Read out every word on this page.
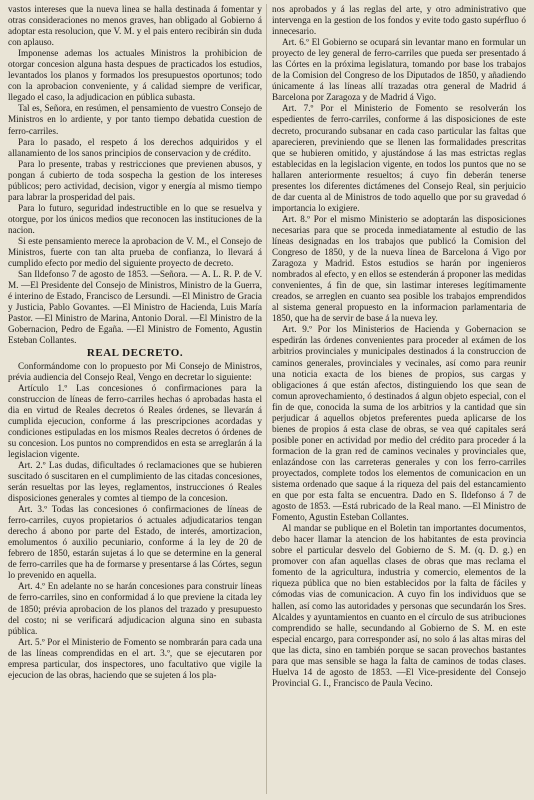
vastos intereses que la nueva linea se halla destinada á fomentar y otras consideraciones no menos graves, han obligado al Gobierno á adoptar esta resolucion, que V. M. y el pais entero recibirán sin duda con aplauso.

Imponense ademas los actuales Ministros la prohibicion de otorgar concesion alguna hasta despues de practicados los estudios, levantados los planos y formados los presupuestos oportunos; todo con la aprobacion conveniente, y á calidad siempre de verificar, llegado el caso, la adjudicacion en pública subasta.

Tal es, Señora, en resúmen, el pensamiento de vuestro Consejo de Ministros en lo ardiente, y por tanto tiempo debatida cuestion de ferro-carriles.

Para lo pasado, el respeto á los derechos adquiridos y el allanamiento de los sanos principios de conservacion y de crédito.

Para lo presente, trabas y restricciones que previenen abusos, y pongan á cubierto de toda sospecha la gestion de los intereses públicos; pero actividad, decision, vigor y energía al mismo tiempo para labrar la prosperidad del pais.

Para lo futuro, seguridad indestructible en lo que se resuelva y otorgue, por los únicos medios que reconocen las instituciones de la nacion.

Si este pensamiento merece la aprobacion de V. M., el Consejo de Ministros, fuerte con tan alta prueba de confianza, lo llevará á cumplido efecto por medio del siguiente proyecto de decreto.

San Ildefonso 7 de agosto de 1853. —Señora. — A. L. R. P. de V. M. —El Presidente del Consejo de Ministros, Ministro de la Guerra, é interino de Estado, Francisco de Lersundi. —El Ministro de Gracia y Justicia, Pablo Govantes. —El Ministro de Hacienda, Luis María Pastor. —El Ministro de Marina, Antonio Doral. —El Ministro de la Gobernacion, Pedro de Egaña. —El Ministro de Fomento, Agustin Esteban Collantes.

REAL DECRETO.

Conformándome con lo propuesto por Mi Consejo de Ministros, prévia audiencia del Consejo Real, Vengo en decretar lo siguiente:

Artículo 1.º Las concesiones ó confirmaciones para la construccion de líneas de ferro-carriles hechas ó aprobadas hasta el dia en virtud de Reales decretos ó Reales órdenes, se llevarán á cumplida ejecucion, conforme á las prescripciones acordadas y condiciones estipuladas en los mismos Reales decretos ó órdenes de su concesion. Los puntos no comprendidos en esta se arreglarán á la legislacion vigente.

Art. 2.º Las dudas, dificultades ó reclamaciones que se hubieren suscitado ó suscitaren en el cumplimiento de las citadas concesiones, serán resueltas por las leyes, reglamentos, instrucciones ó Reales disposiciones generales y comtes al tiempo de la concesion.

Art. 3.º Todas las concesiones ó confirmaciones de líneas de ferro-carriles, cuyos propietarios ó actuales adjudicatarios tengan derecho á abono por parte del Estado, de interés, amortizacion, emolumentos ó auxilio pecuniario, conforme á la ley de 20 de febrero de 1850, estarán sujetas á lo que se determine en la general de ferro-carriles que ha de formarse y presentarse á las Córtes, segun lo prevenido en aquella.

Art. 4.º En adelante no se harán concesiones para construir líneas de ferro-carriles, sino en conformidad á lo que previene la citada ley de 1850; prévia aprobacion de los planos del trazado y presupuesto del costo; ni se verificará adjudicacion alguna sino en subasta pública.

Art. 5.º Por el Ministerio de Fomento se nombrarán para cada una de las líneas comprendidas en el art. 3.º, que se ejecutaren por empresa particular, dos inspectores, uno facultativo que vigile la ejecucion de las obras, haciendo que se sujeten á los pla-

nos aprobados y á las reglas del arte, y otro administrativo que intervenga en la gestion de los fondos y evite todo gasto supérfluo ó innecesario.

Art. 6.º El Gobierno se ocupará sin levantar mano en formular un proyecto de ley general de ferro-carriles que pueda ser presentado á las Córtes en la próxima legislatura, tomando por base los trabajos de la Comision del Congreso de los Diputados de 1850, y añadiendo únicamente á las líneas allí trazadas otra general de Madrid á Barcelona por Zaragoza y de Madrid á Vigo.

Art. 7.º Por el Ministerio de Fomento se resolverán los espedientes de ferro-carriles, conforme á las disposiciones de este decreto, procurando subsanar en cada caso particular las faltas que aparecieren, previniendo que se llenen las formalidades prescritas que se hubieren omitido, y ajustándose á las mas estrictas reglas establecidas en la legislacion vigente, en todos los puntos que no se hallaren anteriormente resueltos; á cuyo fin deberán tenerse presentes los diferentes dictámenes del Consejo Real, sin perjuicio de dar cuenta al de Ministros de todo aquello que por su gravedad ó importancia lo exigiere.

Art. 8.º Por el mismo Ministerio se adoptarán las disposiciones necesarias para que se proceda inmediatamente al estudio de las líneas designadas en los trabajos que publicó la Comision del Congreso de 1850, y de la nueva línea de Barcelona á Vigo por Zaragoza y Madrid. Estos estudios se harán por ingenieros nombrados al efecto, y en ellos se estenderán á proponer las medidas convenientes, á fin de que, sin lastimar intereses legítimamente creados, se arreglen en cuanto sea posible los trabajos emprendidos al sistema general propuesto en la informacion parlamentaria de 1850, que ha de servir de base á la nueva ley.

Art. 9.º Por los Ministerios de Hacienda y Gobernacion se espedirán las órdenes convenientes para proceder al exámen de los arbitrios provinciales y municipales destinados á la construccion de caminos generales, provinciales y vecinales, así como para reunir una noticia exacta de los bienes de propios, sus cargas y obligaciones á que están afectos, distinguiendo los que sean de comun aprovechamiento, ó destinados á algun objeto especial, con el fin de que, conocida la suma de los arbitrios y la cantidad que sin perjudicar á aquellos objetos preferentes pueda aplicarse de los bienes de propios á esta clase de obras, se vea qué capitales será posible poner en actividad por medio del crédito para proceder á la formacion de la gran red de caminos vecinales y provinciales que, enlazándose con las carreteras generales y con los ferro-carriles proyectados, complete todos los elementos de comunicacion en un sistema ordenado que saque á la riqueza del pais del estancamiento en que por esta falta se encuentra. Dado en S. Ildefonso á 7 de agosto de 1853. —Está rubricado de la Real mano. —El Ministro de Fomento, Agustin Esteban Collantes.

Al mandar se publique en el Boletin tan importantes documentos, debo hacer llamar la atencion de los habitantes de esta provincia sobre el particular desvelo del Gobierno de S. M. (q. D. g.) en promover con afan aquellas clases de obras que mas reclama el fomento de la agricultura, industria y comercio, elementos de la riqueza pública que no bien establecidos por la falta de fáciles y cómodas vias de comunicacion. A cuyo fin los individuos que se hallen, así como las autoridades y personas que secundarán los Sres. Alcaldes y ayuntamientos en cuanto en el círculo de sus atribuciones comprendido se halle, secundando al Gobierno de S. M. en este especial encargo, para corresponder así, no solo á las altas miras del que las dicta, sino en también porque se sacan provechos bastantes para que mas sensible se haga la falta de caminos de todas clases. Huelva 14 de agosto de 1853. —El Vice-presidente del Consejo Provincial G. I., Francisco de Paula Vecino.
